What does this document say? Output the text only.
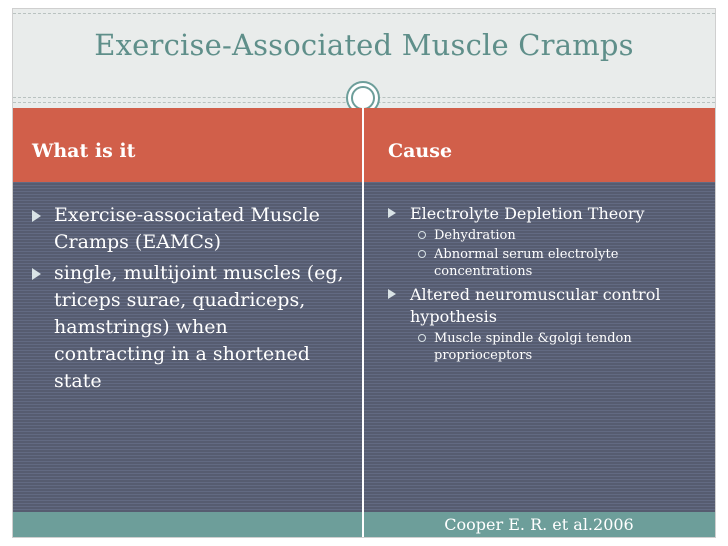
Exercise-Associated Muscle Cramps
What is it	Cause
Exercise-associated Muscle Cramps (EAMCs)
single, multijoint muscles (eg, triceps surae, quadriceps, hamstrings) when contracting in a shortened state
Electrolyte Depletion Theory
Dehydration
Abnormal serum electrolyte concentrations
Altered neuromuscular control hypothesis
Muscle spindle &golgi tendon proprioceptors
Cooper E. R. et al.2006
